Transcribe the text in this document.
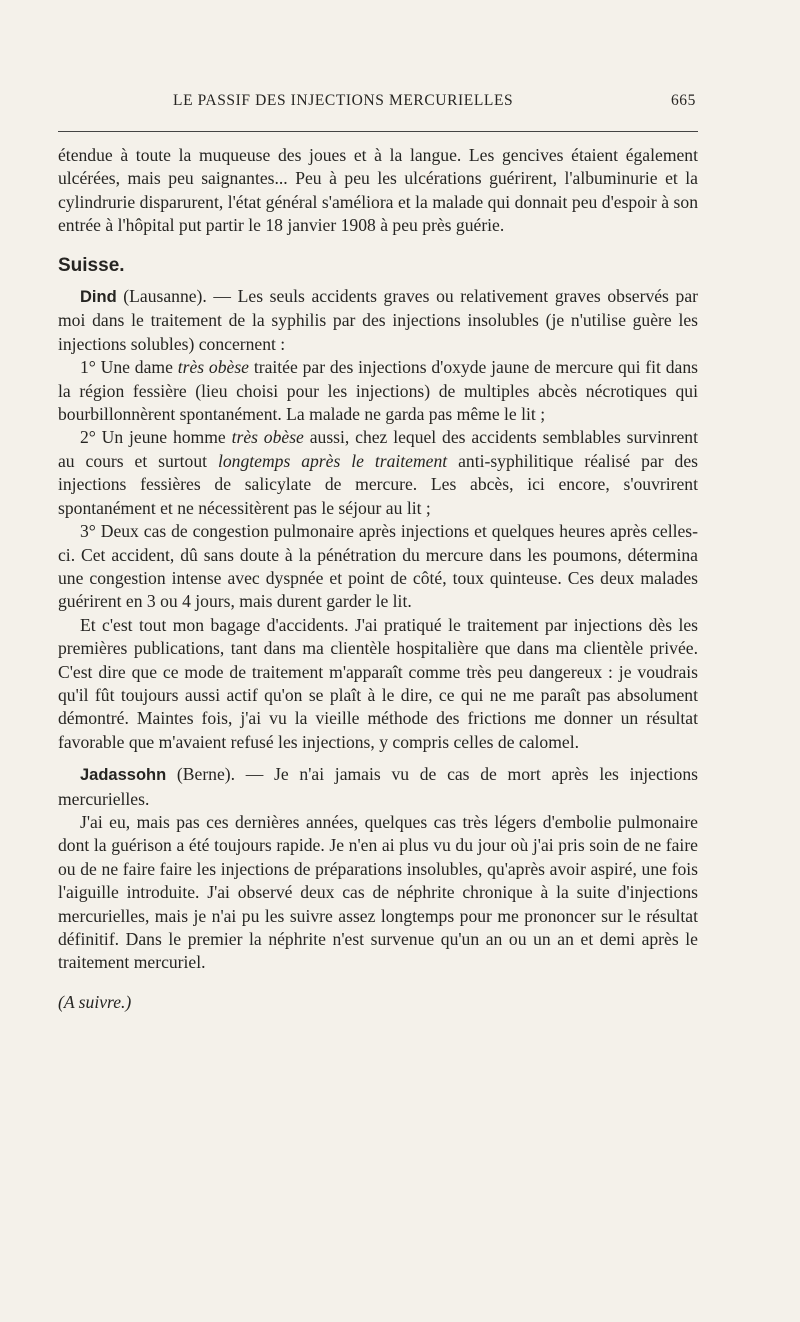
LE PASSIF DES INJECTIONS MERCURIELLES	665

étendue à toute la muqueuse des joues et à la langue. Les gencives étaient également ulcérées, mais peu saignantes... Peu à peu les ulcérations guérirent, l'albuminurie et la cylindrurie disparurent, l'état général s'améliora et la malade qui donnait peu d'espoir à son entrée à l'hôpital put partir le 18 janvier 1908 à peu près guérie.

Suisse.

Dind (Lausanne). — Les seuls accidents graves ou relativement graves observés par moi dans le traitement de la syphilis par des injections insolubles (je n'utilise guère les injections solubles) concernent :

1° Une dame très obèse traitée par des injections d'oxyde jaune de mercure qui fit dans la région fessière (lieu choisi pour les injections) de multiples abcès nécrotiques qui bourbillonnèrent spontanément. La malade ne garda pas même le lit ;

2° Un jeune homme très obèse aussi, chez lequel des accidents semblables survinrent au cours et surtout longtemps après le traitement anti-syphilitique réalisé par des injections fessières de salicylate de mercure. Les abcès, ici encore, s'ouvrirent spontanément et ne nécessitèrent pas le séjour au lit ;

3° Deux cas de congestion pulmonaire après injections et quelques heures après celles-ci. Cet accident, dû sans doute à la pénétration du mercure dans les poumons, détermina une congestion intense avec dyspnée et point de côté, toux quinteuse. Ces deux malades guérirent en 3 ou 4 jours, mais durent garder le lit.

Et c'est tout mon bagage d'accidents. J'ai pratiqué le traitement par injections dès les premières publications, tant dans ma clientèle hospitalière que dans ma clientèle privée. C'est dire que ce mode de traitement m'apparaît comme très peu dangereux : je voudrais qu'il fût toujours aussi actif qu'on se plaît à le dire, ce qui ne me paraît pas absolument démontré. Maintes fois, j'ai vu la vieille méthode des frictions me donner un résultat favorable que m'avaient refusé les injections, y compris celles de calomel.

Jadassohn (Berne). — Je n'ai jamais vu de cas de mort après les injections mercurielles.

J'ai eu, mais pas ces dernières années, quelques cas très légers d'embolie pulmonaire dont la guérison a été toujours rapide. Je n'en ai plus vu du jour où j'ai pris soin de ne faire ou de ne faire faire les injections de préparations insolubles, qu'après avoir aspiré, une fois l'aiguille introduite. J'ai observé deux cas de néphrite chronique à la suite d'injections mercurielles, mais je n'ai pu les suivre assez longtemps pour me prononcer sur le résultat définitif. Dans le premier la néphrite n'est survenue qu'un an ou un an et demi après le traitement mercuriel.

(A suivre.)
